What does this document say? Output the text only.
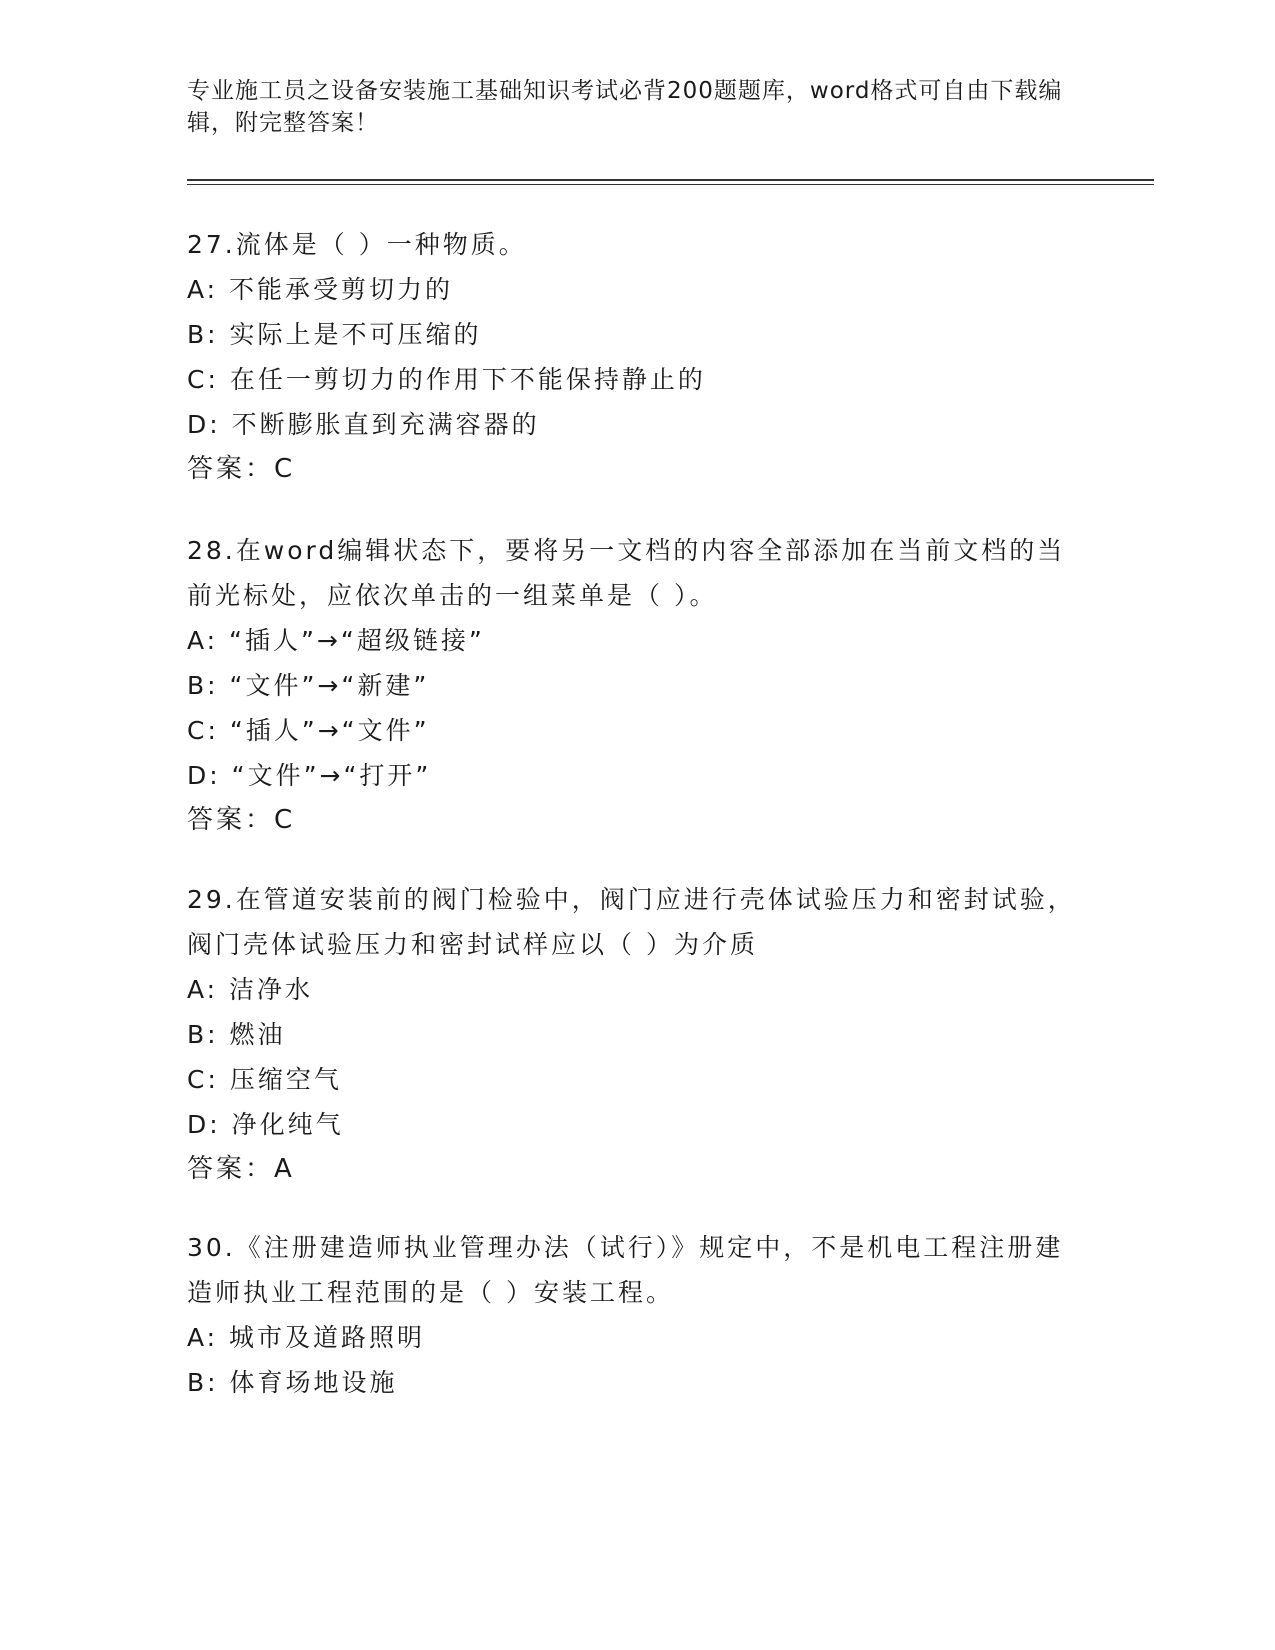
专业施工员之设备安装施工基础知识考试必背200题题库，word格式可自由下载编辑，附完整答案！
27.流体是（ ）一种物质。
A: 不能承受剪切力的
B: 实际上是不可压缩的
C: 在任一剪切力的作用下不能保持静止的
D: 不断膨胀直到充满容器的
答案：C
28.在word编辑状态下，要将另一文档的内容全部添加在当前文档的当前光标处，应依次单击的一组菜单是（ ）。
A: “插人”→“超级链接”
B: “文件”→“新建”
C: “插人”→“文件”
D: “文件”→“打开”
答案：C
29.在管道安装前的阀门检验中，阀门应进行壳体试验压力和密封试验，阀门壳体试验压力和密封试样应以（ ）为介质
A: 洁净水
B: 燃油
C: 压缩空气
D: 净化纯气
答案：A
30.《注册建造师执业管理办法（试行）》规定中，不是机电工程注册建造师执业工程范围的是（ ）安装工程。
A: 城市及道路照明
B: 体育场地设施
